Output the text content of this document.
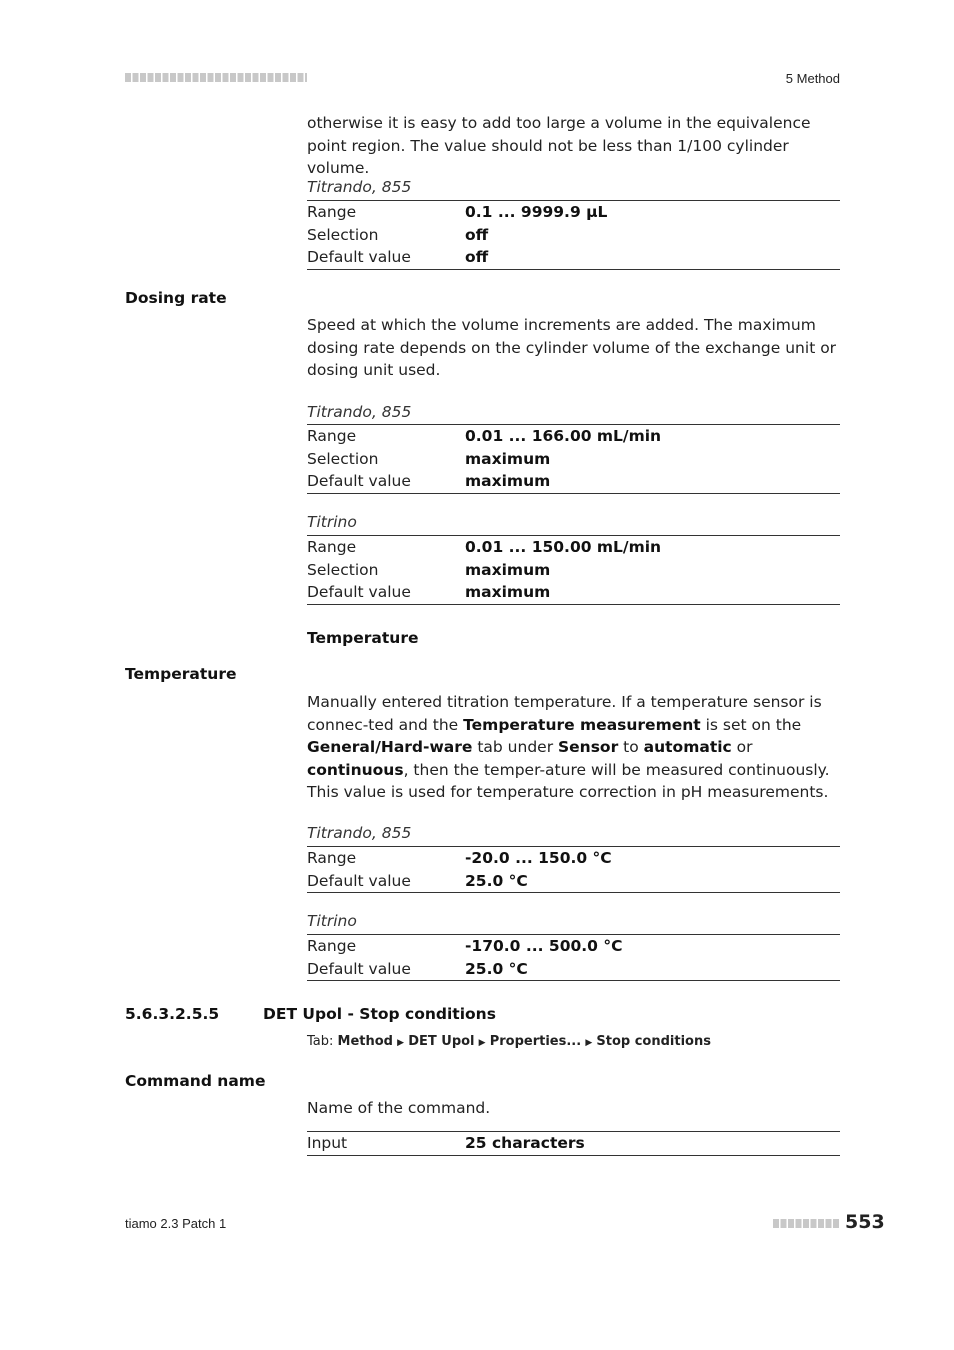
5 Method
otherwise it is easy to add too large a volume in the equivalence point region. The value should not be less than 1/100 cylinder volume.
Titrando, 855
Range	0.1 ... 9999.9 µL
Selection	off
Default value	off
Dosing rate
Speed at which the volume increments are added. The maximum dosing rate depends on the cylinder volume of the exchange unit or dosing unit used.
Titrando, 855
Range	0.01 ... 166.00 mL/min
Selection	maximum
Default value	maximum
Titrino
Range	0.01 ... 150.00 mL/min
Selection	maximum
Default value	maximum
Temperature
Temperature
Manually entered titration temperature. If a temperature sensor is connec-ted and the Temperature measurement is set on the General/Hard-ware tab under Sensor to automatic or continuous, then the temper-ature will be measured continuously. This value is used for temperature correction in pH measurements.
Titrando, 855
Range	-20.0 ... 150.0 °C
Default value	25.0 °C
Titrino
Range	-170.0 ... 500.0 °C
Default value	25.0 °C
5.6.3.2.5.5	DET Upol - Stop conditions
Tab: Method ▶ DET Upol ▶ Properties... ▶ Stop conditions
Command name
Name of the command.
Input	25 characters
tiamo 2.3 Patch 1	553
